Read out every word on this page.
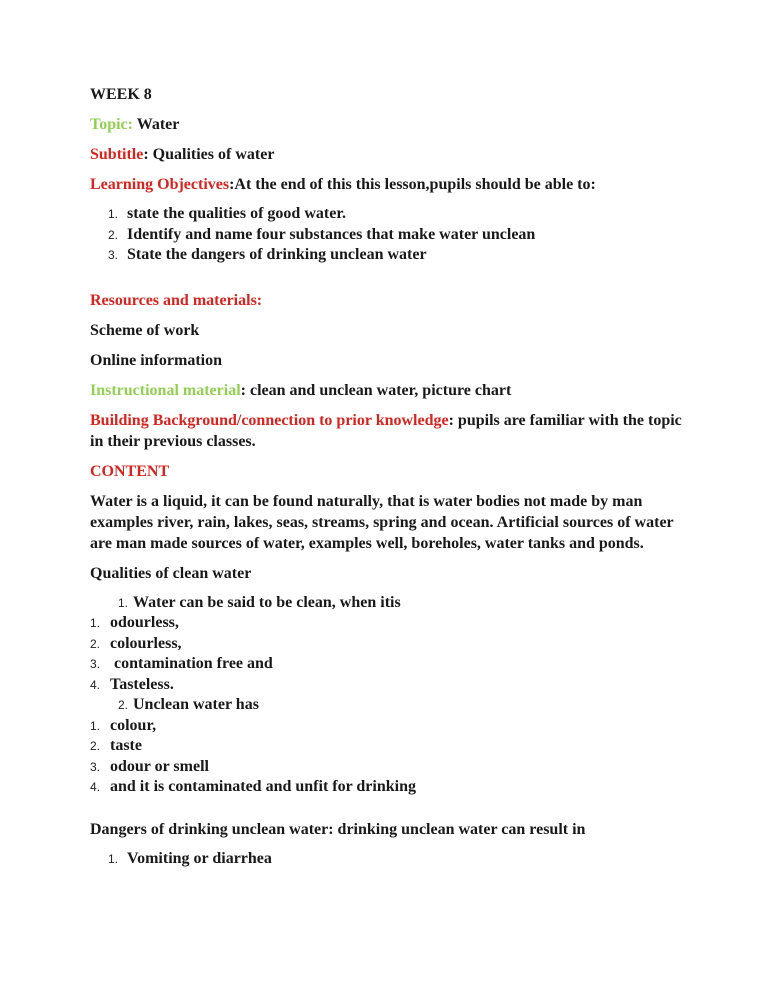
WEEK 8

Topic: Water

Subtitle: Qualities of water

Learning Objectives:At the end of this this lesson,pupils should be able to:

1. state the qualities of good water.
2. Identify and name four substances that make water unclean
3. State the dangers of drinking unclean water

Resources and materials:

Scheme of work

Online information

Instructional material: clean and unclean water, picture chart

Building Background/connection to prior knowledge: pupils are familiar with the topic in their previous classes.

CONTENT

Water is a liquid, it can be found naturally, that is water bodies not made by man examples river, rain, lakes, seas, streams, spring and ocean. Artificial sources of water are man made sources of water, examples well, boreholes, water tanks and ponds.

Qualities of clean water

1. Water can be said to be clean, when itis
1. odourless,
2. colourless,
3. contamination free and
4. Tasteless.
2. Unclean water has
1. colour,
2. taste
3. odour or smell
4. and it is contaminated and unfit for drinking

Dangers of drinking unclean water: drinking unclean water can result in

1. Vomiting or diarrhea
